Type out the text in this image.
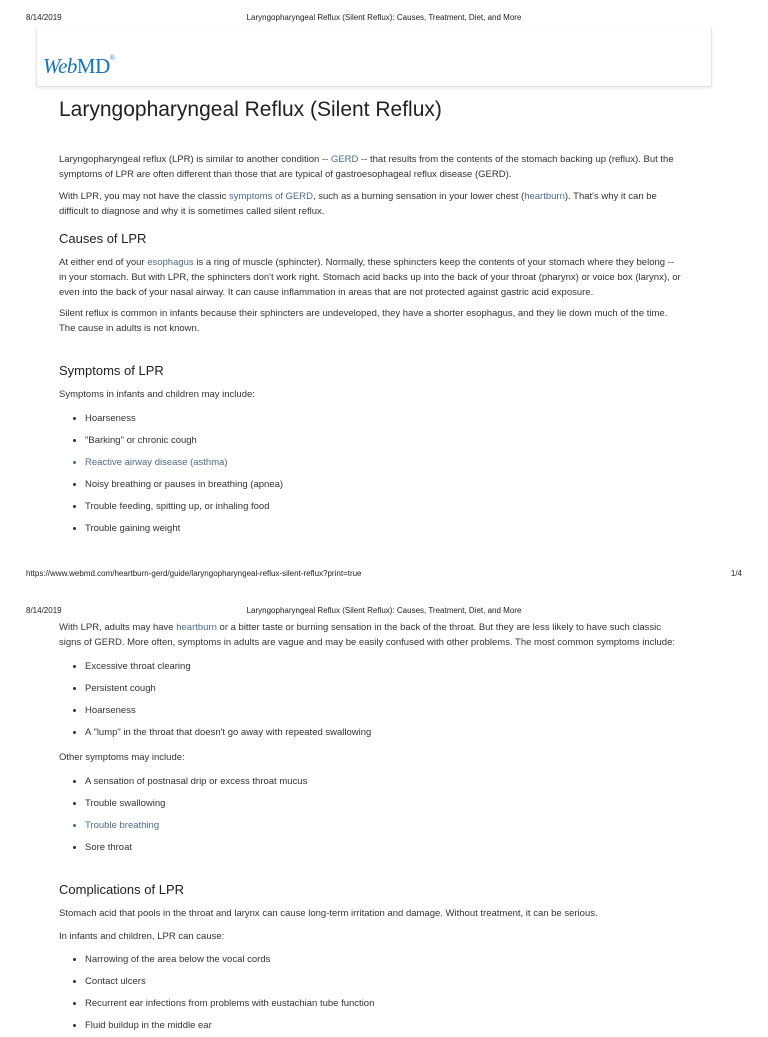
8/14/2019	Laryngopharyngeal Reflux (Silent Reflux): Causes, Treatment, Diet, and More
WebMD®
Laryngopharyngeal Reflux (Silent Reflux)

Laryngopharyngeal reflux (LPR) is similar to another condition -- GERD -- that results from the contents of the stomach backing up (reflux). But the symptoms of LPR are often different than those that are typical of gastroesophageal reflux disease (GERD).

With LPR, you may not have the classic symptoms of GERD, such as a burning sensation in your lower chest (heartburn). That's why it can be difficult to diagnose and why it is sometimes called silent reflux.

Causes of LPR

At either end of your esophagus is a ring of muscle (sphincter). Normally, these sphincters keep the contents of your stomach where they belong -- in your stomach. But with LPR, the sphincters don't work right. Stomach acid backs up into the back of your throat (pharynx) or voice box (larynx), or even into the back of your nasal airway. It can cause inflammation in areas that are not protected against gastric acid exposure.

Silent reflux is common in infants because their sphincters are undeveloped, they have a shorter esophagus, and they lie down much of the time. The cause in adults is not known.

Symptoms of LPR

Symptoms in infants and children may include:

• Hoarseness
• "Barking" or chronic cough
• Reactive airway disease (asthma)
• Noisy breathing or pauses in breathing (apnea)
• Trouble feeding, spitting up, or inhaling food
• Trouble gaining weight
https://www.webmd.com/heartburn-gerd/guide/laryngopharyngeal-reflux-silent-reflux?print=true	1/4
8/14/2019	Laryngopharyngeal Reflux (Silent Reflux): Causes, Treatment, Diet, and More

With LPR, adults may have heartburn or a bitter taste or burning sensation in the back of the throat. But they are less likely to have such classic signs of GERD. More often, symptoms in adults are vague and may be easily confused with other problems. The most common symptoms include:

• Excessive throat clearing
• Persistent cough
• Hoarseness
• A "lump" in the throat that doesn't go away with repeated swallowing

Other symptoms may include:

• A sensation of postnasal drip or excess throat mucus
• Trouble swallowing
• Trouble breathing
• Sore throat
Complications of LPR

Stomach acid that pools in the throat and larynx can cause long-term irritation and damage. Without treatment, it can be serious.

In infants and children, LPR can cause:

• Narrowing of the area below the vocal cords
• Contact ulcers
• Recurrent ear infections from problems with eustachian tube function
• Fluid buildup in the middle ear
